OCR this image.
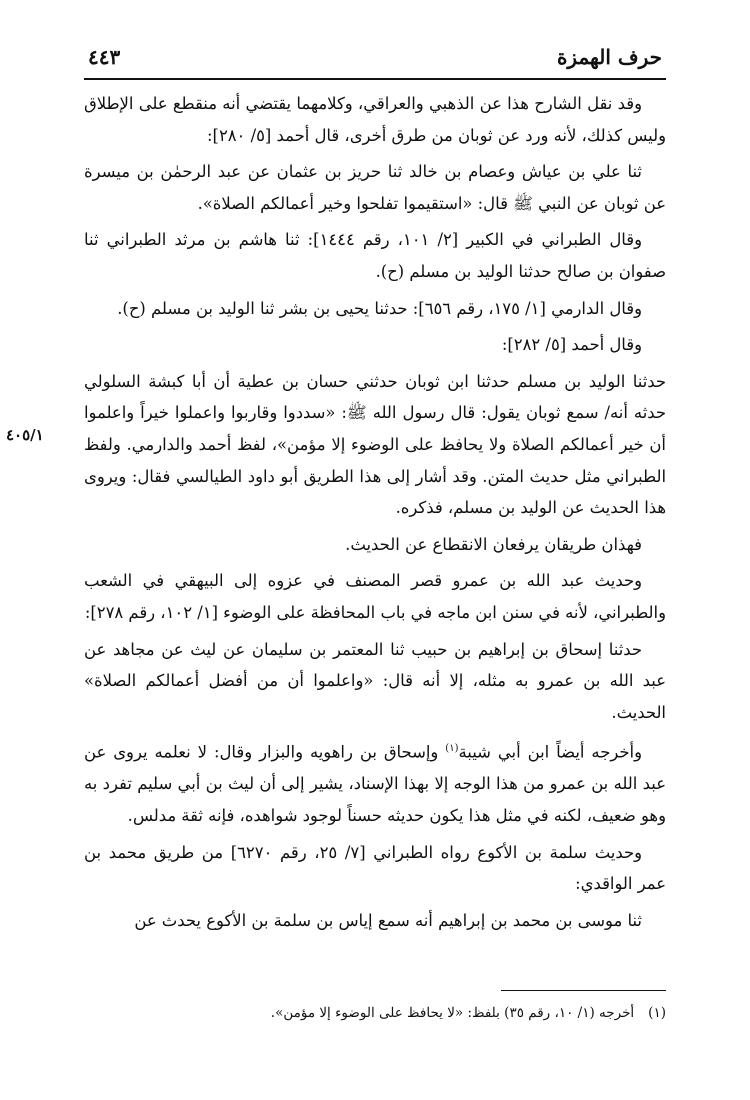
حرف الهمزة
٤٤٣
٤٠٥/١

وقد نقل الشارح هذا عن الذهبي والعراقي، وكلامهما يقتضي أنه منقطع على الإطلاق وليس كذلك، لأنه ورد عن ثوبان من طرق أخرى، قال أحمد [٥/ ٢٨٠]:

ثنا علي بن عياش وعصام بن خالد ثنا حريز بن عثمان عن عبد الرحمٰن بن ميسرة عن ثوبان عن النبي ﷺ قال: «استقيموا تفلحوا وخير أعمالكم الصلاة».

وقال الطبراني في الكبير [٢/ ١٠١، رقم ١٤٤٤]: ثنا هاشم بن مرثد الطبراني ثنا صفوان بن صالح حدثنا الوليد بن مسلم (ح).

وقال الدارمي [١/ ١٧٥، رقم ٦٥٦]: حدثنا يحيى بن بشر ثنا الوليد بن مسلم (ح).

وقال أحمد [٥/ ٢٨٢]:

حدثنا الوليد بن مسلم حدثنا ابن ثوبان حدثني حسان بن عطية أن أبا كبشة السلولي حدثه أنه/ سمع ثوبان يقول: قال رسول الله ﷺ: «سددوا وقاربوا واعملوا خيراً واعلموا أن خير أعمالكم الصلاة ولا يحافظ على الوضوء إلا مؤمن»، لفظ أحمد والدارمي. ولفظ الطبراني مثل حديث المتن. وقد أشار إلى هذا الطريق أبو داود الطيالسي فقال: ويروى هذا الحديث عن الوليد بن مسلم، فذكره.

فهذان طريقان يرفعان الانقطاع عن الحديث.

وحديث عبد الله بن عمرو قصر المصنف في عزوه إلى البيهقي في الشعب والطبراني، لأنه في سنن ابن ماجه في باب المحافظة على الوضوء [١/ ١٠٢، رقم ٢٧٨]:

حدثنا إسحاق بن إبراهيم بن حبيب ثنا المعتمر بن سليمان عن ليث عن مجاهد عن عبد الله بن عمرو به مثله، إلا أنه قال: «واعلموا أن من أفضل أعمالكم الصلاة» الحديث.

وأخرجه أيضاً ابن أبي شيبة$^{(١)}$ وإسحاق بن راهويه والبزار وقال: لا نعلمه يروى عن عبد الله بن عمرو من هذا الوجه إلا بهذا الإسناد، يشير إلى أن ليث بن أبي سليم تفرد به وهو ضعيف، لكنه في مثل هذا يكون حديثه حسناً لوجود شواهده، فإنه ثقة مدلس.

وحديث سلمة بن الأكوع رواه الطبراني [٧/ ٢٥، رقم ٦٢٧٠] من طريق محمد بن عمر الواقدي:

ثنا موسى بن محمد بن إبراهيم أنه سمع إياس بن سلمة بن الأكوع يحدث عن

(١)أخرجه (١/ ١٠، رقم ٣٥) بلفظ: «لا يحافظ على الوضوء إلا مؤمن».
